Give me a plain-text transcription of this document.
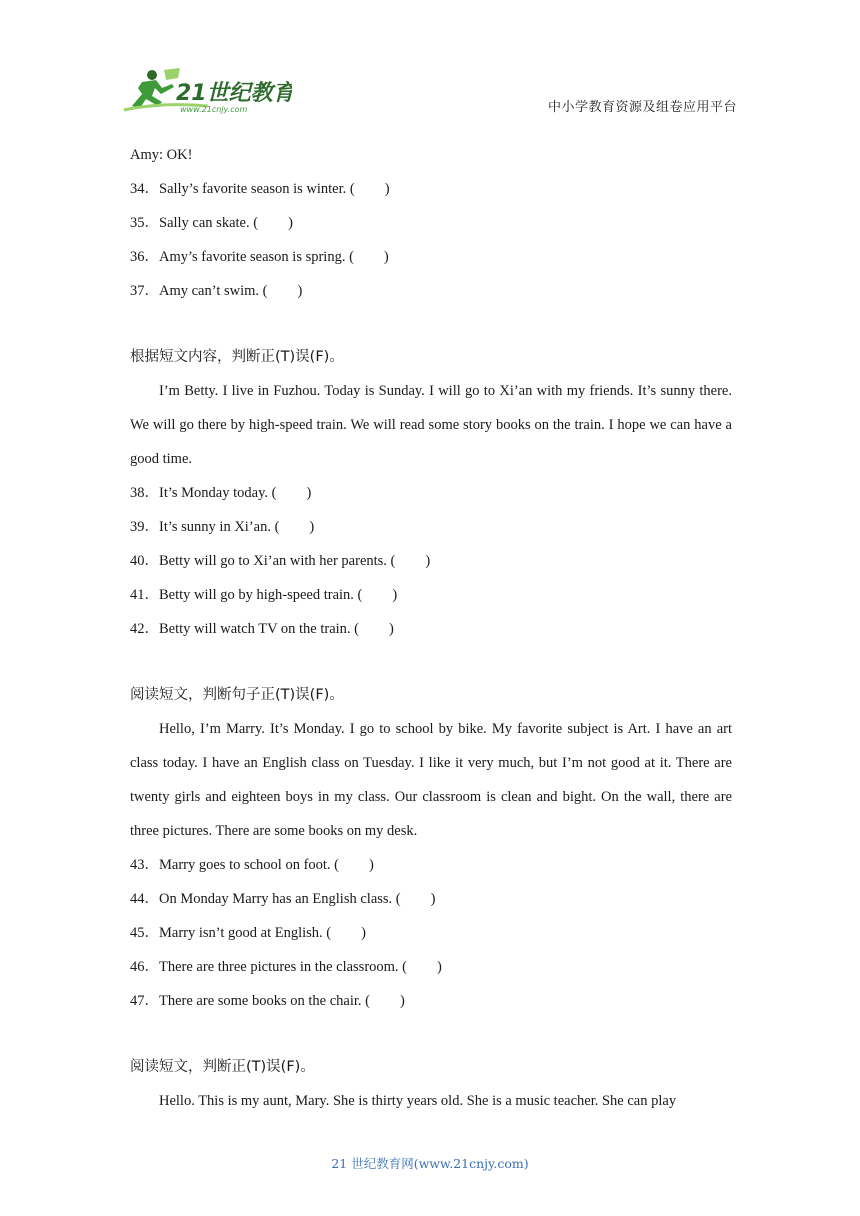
21世纪教育
www.21cnjy.com	中小学教育资源及组卷应用平台
Amy: OK!
34．Sally’s favorite season is winter. ( )
35．Sally can skate. ( )
36．Amy’s favorite season is spring. ( )
37．Amy can’t swim. ( )
根据短文内容，判断正(T)误(F)。
I’m Betty. I live in Fuzhou. Today is Sunday. I will go to Xi’an with my friends. It’s sunny there. We will go there by high-speed train. We will read some story books on the train. I hope we can have a good time.
38．It’s Monday today. ( )
39．It’s sunny in Xi’an. ( )
40．Betty will go to Xi’an with her parents. ( )
41．Betty will go by high-speed train. ( )
42．Betty will watch TV on the train. ( )
阅读短文，判断句子正(T)误(F)。
Hello, I’m Marry. It’s Monday. I go to school by bike. My favorite subject is Art. I have an art class today. I have an English class on Tuesday. I like it very much, but I’m not good at it. There are twenty girls and eighteen boys in my class. Our classroom is clean and bight. On the wall, there are three pictures. There are some books on my desk.
43．Marry goes to school on foot. ( )
44．On Monday Marry has an English class. ( )
45．Marry isn’t good at English. ( )
46．There are three pictures in the classroom. ( )
47．There are some books on the chair. ( )
阅读短文，判断正(T)误(F)。
Hello. This is my aunt, Mary. She is thirty years old. She is a music teacher. She can play
21 世纪教育网(www.21cnjy.com)
